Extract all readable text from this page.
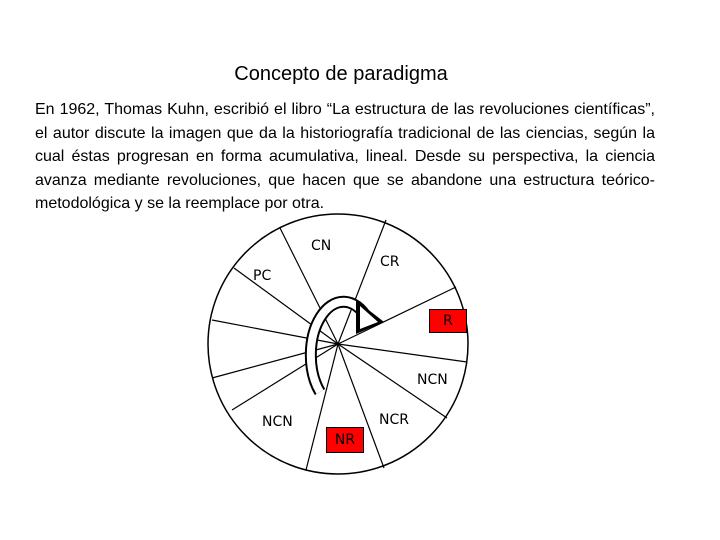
Concepto de paradigma
En 1962, Thomas Kuhn, escribió el libro “La estructura de las revoluciones científicas”, el autor discute la imagen que da la historiografía tradicional de las ciencias, según la cual éstas progresan en forma acumulativa, lineal. Desde su perspectiva, la ciencia avanza mediante revoluciones, que hacen que se abandone una estructura teórico-metodológica y se la reemplace por otra.
CN
CR
PC
R
NCN
NCN	NCR
NR
